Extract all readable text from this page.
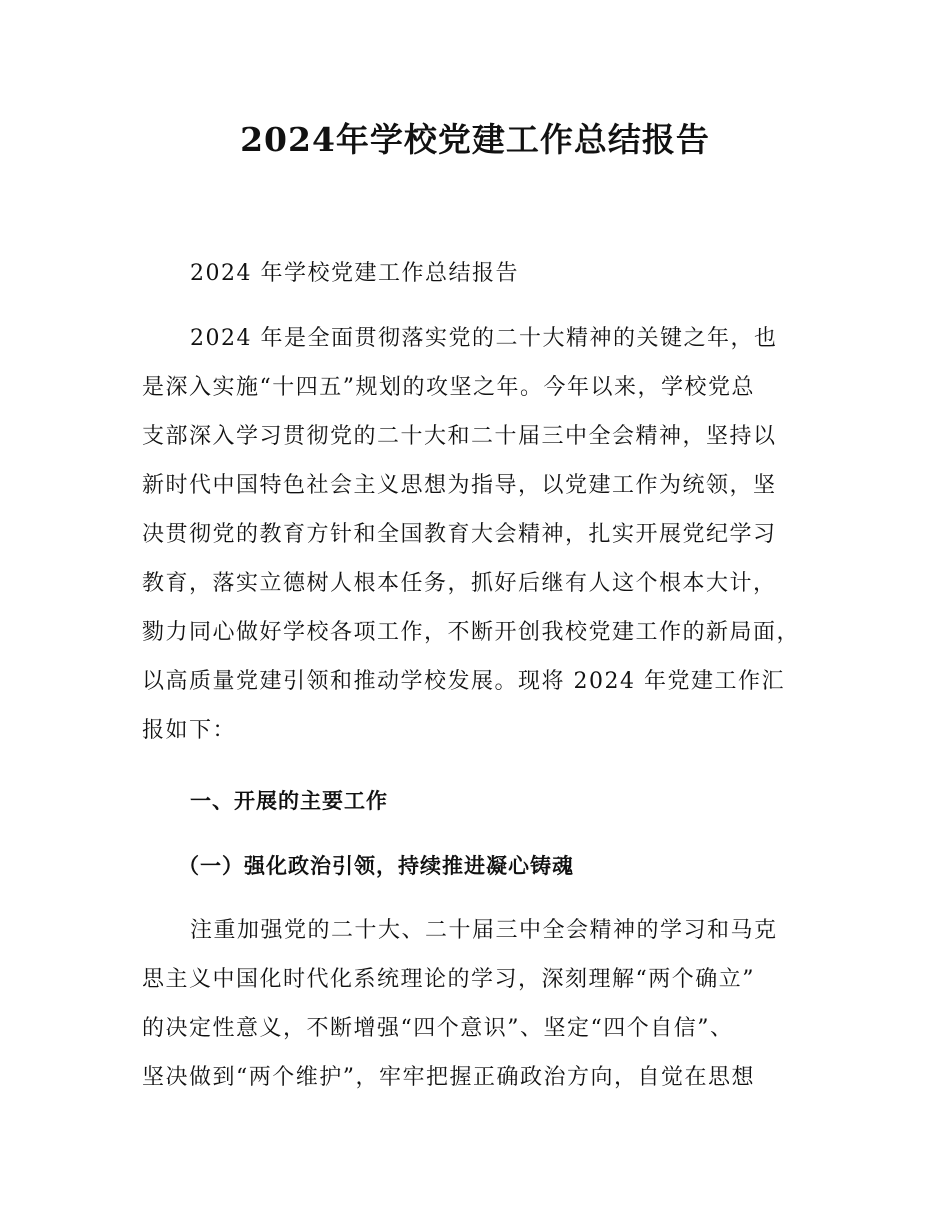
2024年学校党建工作总结报告
2024 年学校党建工作总结报告
2024 年是全面贯彻落实党的二十大精神的关键之年，也
是深入实施“十四五”规划的攻坚之年。今年以来，学校党总
支部深入学习贯彻党的二十大和二十届三中全会精神，坚持以
新时代中国特色社会主义思想为指导，以党建工作为统领，坚
决贯彻党的教育方针和全国教育大会精神，扎实开展党纪学习
教育，落实立德树人根本任务，抓好后继有人这个根本大计，
勠力同心做好学校各项工作，不断开创我校党建工作的新局面，
以高质量党建引领和推动学校发展。现将 2024 年党建工作汇
报如下：
一、开展的主要工作
（一）强化政治引领，持续推进凝心铸魂
注重加强党的二十大、二十届三中全会精神的学习和马克
思主义中国化时代化系统理论的学习，深刻理解“两个确立”
的决定性意义，不断增强“四个意识”、坚定“四个自信”、
坚决做到“两个维护”，牢牢把握正确政治方向，自觉在思想
